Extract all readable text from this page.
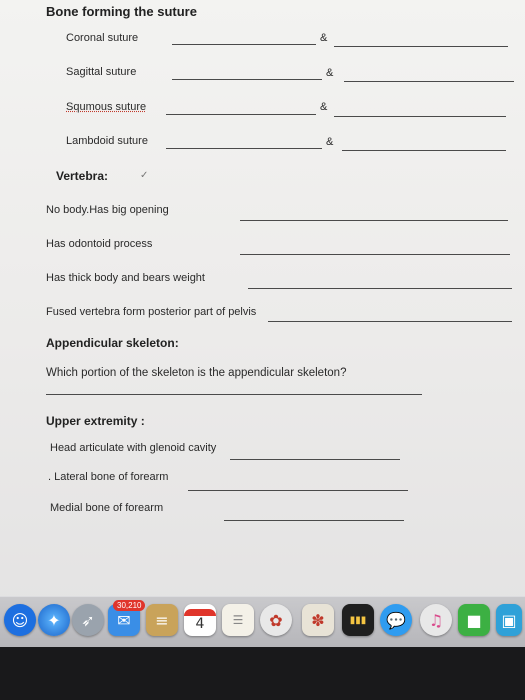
Bone forming the suture
Coronal suture	&
Sagittal suture	&
Squmous suture	&
Lambdoid suture	&
Vertebra:	✓
No body.Has big opening
Has odontoid process
Has thick body and bears weight
Fused vertebra form posterior part of pelvis
Appendicular skeleton:
Which portion of the skeleton is the appendicular skeleton?
Upper extremity :
Head articulate with glenoid cavity
. Lateral bone of forearm
Medial bone of forearm
☺	✦	➶	✉
30,210
≡	4	☰	✿	✽	▮▮▮	💬	♫	■	▣
